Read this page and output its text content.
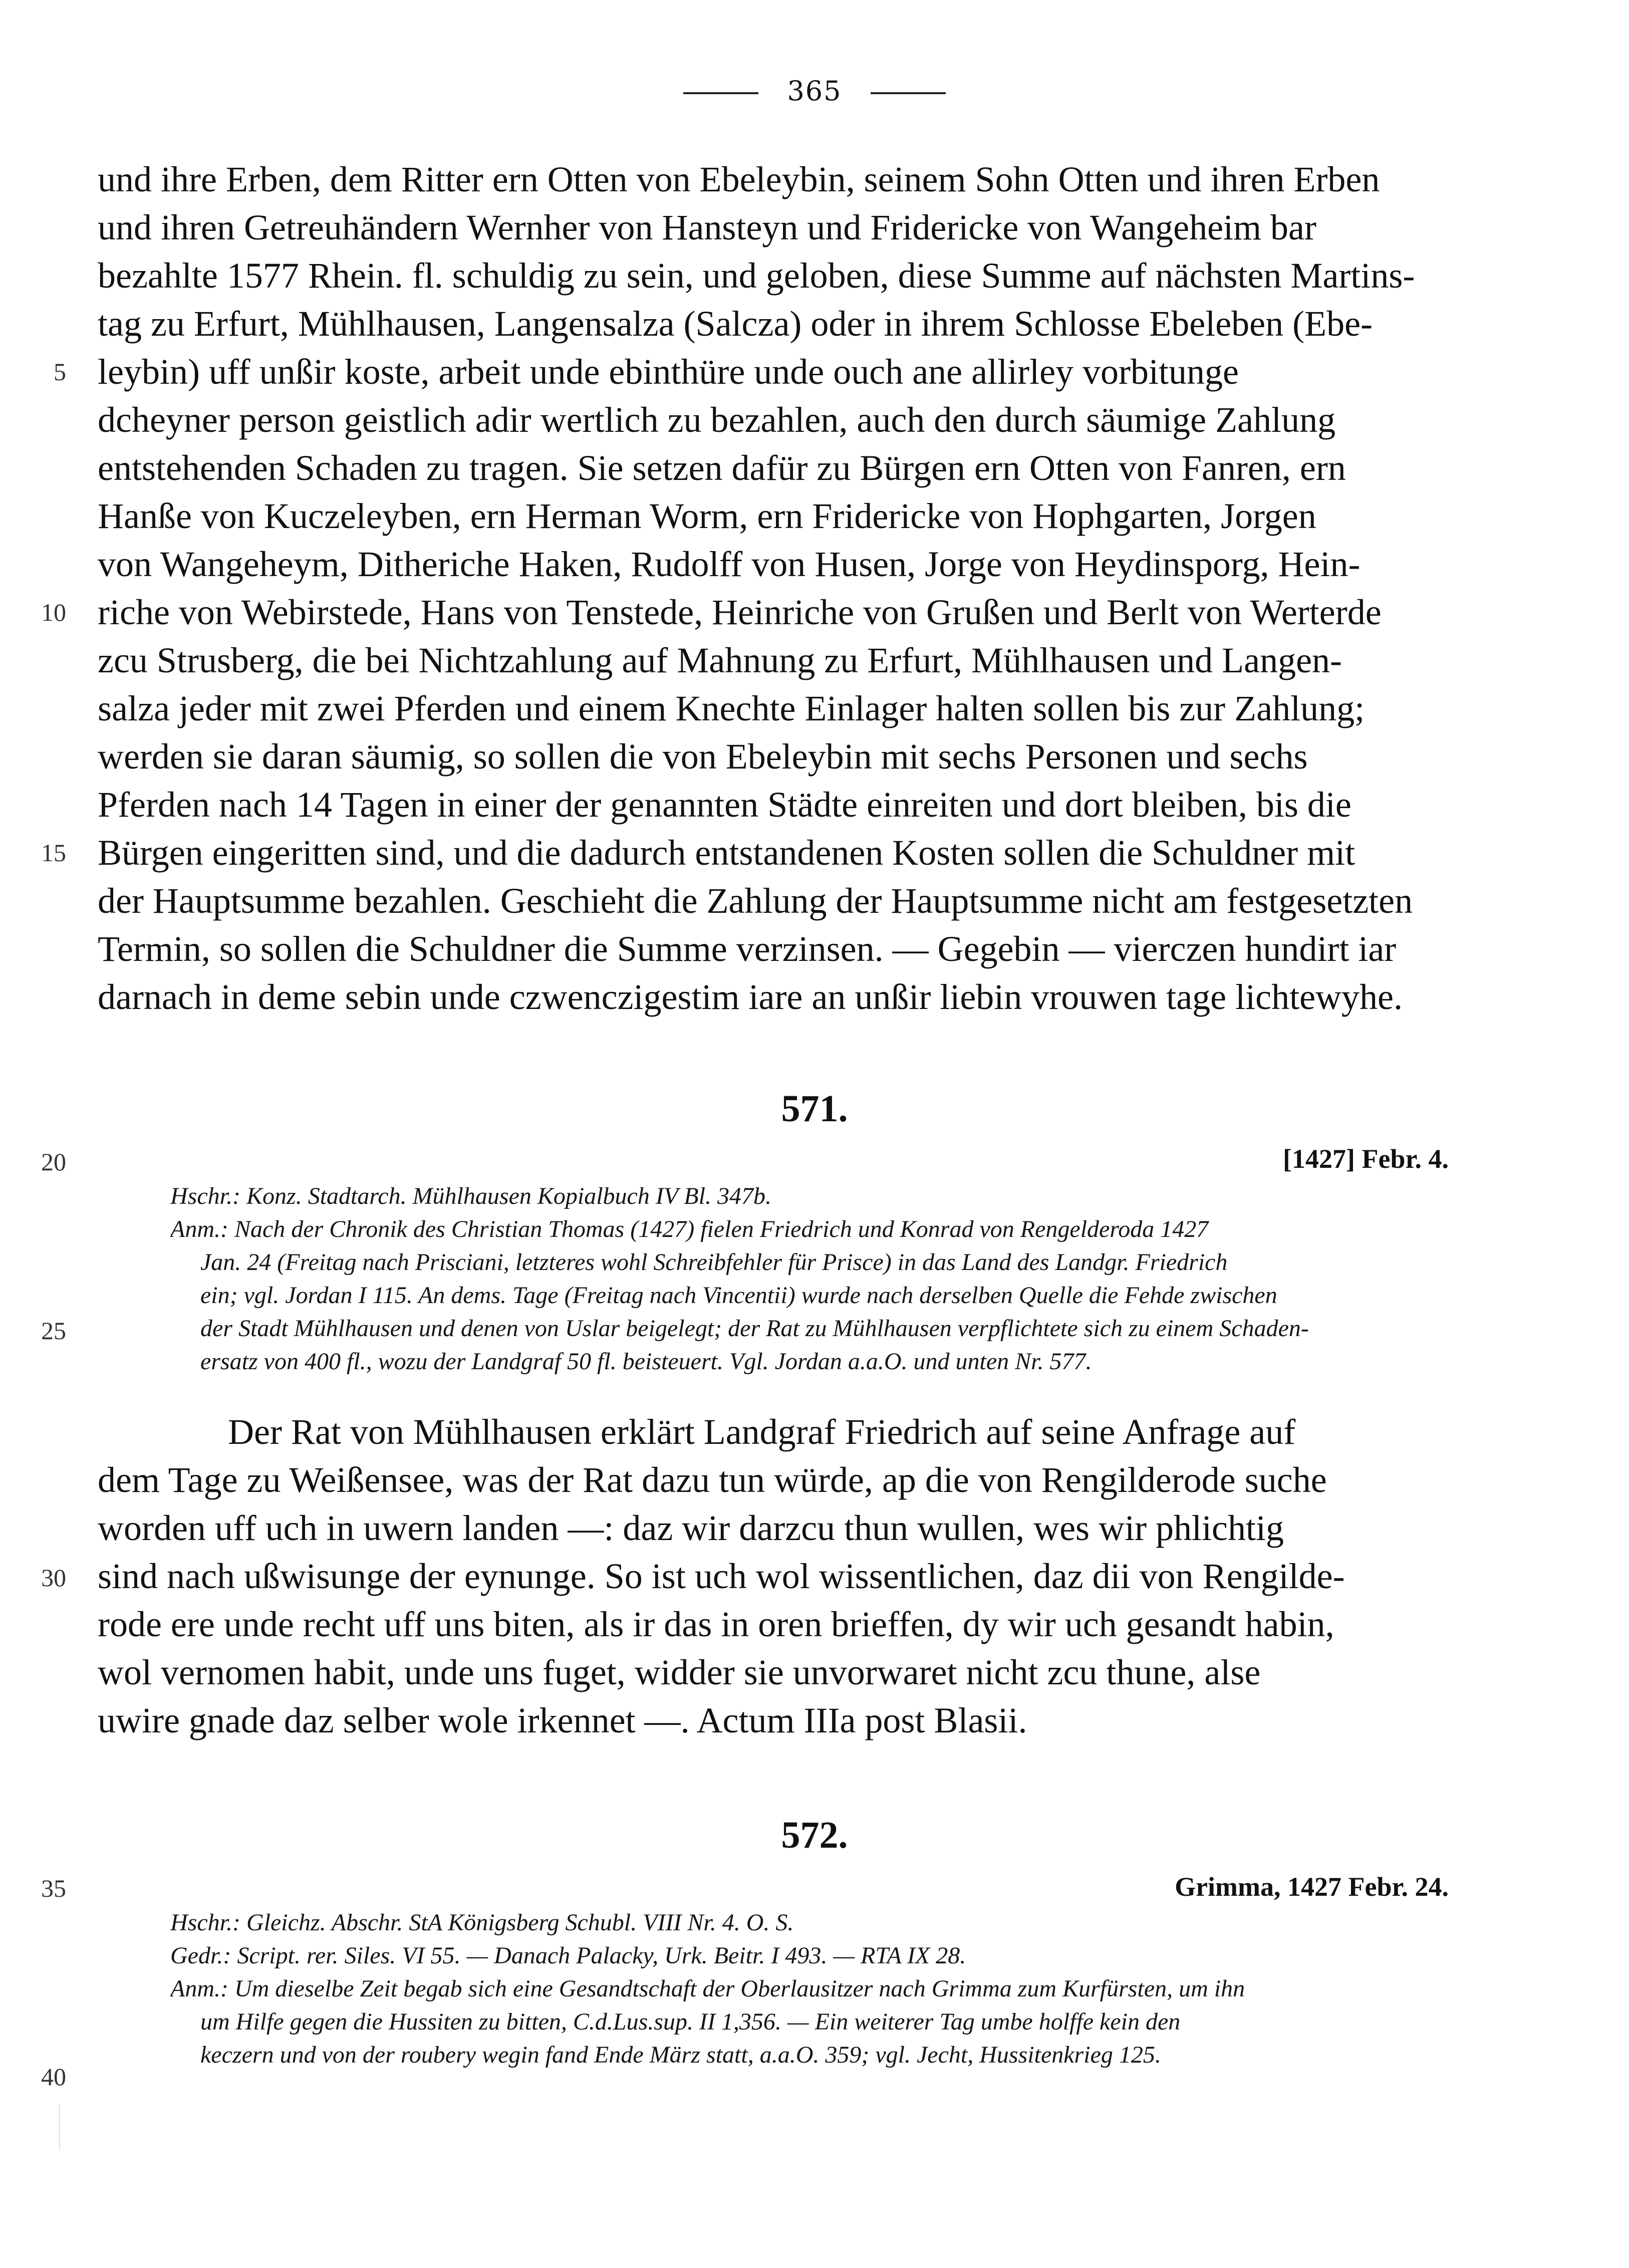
365
5
10
15
20
25
30
35
40
und ihre Erben, dem Ritter ern Otten von Ebeleybin, seinem Sohn Otten und ihren Erben
und ihren Getreuhändern Wernher von Hansteyn und Fridericke von Wangeheim bar
bezahlte 1577 Rhein. fl. schuldig zu sein, und geloben, diese Summe auf nächsten Martins-
tag zu Erfurt, Mühlhausen, Langensalza (Salcza) oder in ihrem Schlosse Ebeleben (Ebe-
leybin) uff unßir koste, arbeit unde ebinthüre unde ouch ane allirley vorbitunge
dcheyner person geistlich adir wertlich zu bezahlen, auch den durch säumige Zahlung
entstehenden Schaden zu tragen. Sie setzen dafür zu Bürgen ern Otten von Fanren, ern
Hanße von Kuczeleyben, ern Herman Worm, ern Fridericke von Hophgarten, Jorgen
von Wangeheym, Ditheriche Haken, Rudolff von Husen, Jorge von Heydinsporg, Hein-
riche von Webirstede, Hans von Tenstede, Heinriche von Grußen und Berlt von Werterde
zcu Strusberg, die bei Nichtzahlung auf Mahnung zu Erfurt, Mühlhausen und Langen-
salza jeder mit zwei Pferden und einem Knechte Einlager halten sollen bis zur Zahlung;
werden sie daran säumig, so sollen die von Ebeleybin mit sechs Personen und sechs
Pferden nach 14 Tagen in einer der genannten Städte einreiten und dort bleiben, bis die
Bürgen eingeritten sind, und die dadurch entstandenen Kosten sollen die Schuldner mit
der Hauptsumme bezahlen. Geschieht die Zahlung der Hauptsumme nicht am festgesetzten
Termin, so sollen die Schuldner die Summe verzinsen. — Gegebin — vierczen hundirt iar
darnach in deme sebin unde czwenczigestim iare an unßir liebin vrouwen tage lichtewyhe.
571.
[1427] Febr. 4.
Hschr.: Konz. Stadtarch. Mühlhausen Kopialbuch IV Bl. 347b.
Anm.: Nach der Chronik des Christian Thomas (1427) fielen Friedrich und Konrad von Rengelderoda 1427
Jan. 24 (Freitag nach Prisciani, letzteres wohl Schreibfehler für Prisce) in das Land des Landgr. Friedrich
ein; vgl. Jordan I 115. An dems. Tage (Freitag nach Vincentii) wurde nach derselben Quelle die Fehde zwischen
der Stadt Mühlhausen und denen von Uslar beigelegt; der Rat zu Mühlhausen verpflichtete sich zu einem Schaden-
ersatz von 400 fl., wozu der Landgraf 50 fl. beisteuert. Vgl. Jordan a.a.O. und unten Nr. 577.
Der Rat von Mühlhausen erklärt Landgraf Friedrich auf seine Anfrage auf
dem Tage zu Weißensee, was der Rat dazu tun würde, ap die von Rengilderode suche
worden uff uch in uwern landen —: daz wir darzcu thun wullen, wes wir phlichtig
sind nach ußwisunge der eynunge. So ist uch wol wissentlichen, daz dii von Rengilde-
rode ere unde recht uff uns biten, als ir das in oren brieffen, dy wir uch gesandt habin,
wol vernomen habit, unde uns fuget, widder sie unvorwaret nicht zcu thune, alse
uwire gnade daz selber wole irkennet —. Actum IIIa post Blasii.
572.
Grimma, 1427 Febr. 24.
Hschr.: Gleichz. Abschr. StA Königsberg Schubl. VIII Nr. 4. O. S.
Gedr.: Script. rer. Siles. VI 55. — Danach Palacky, Urk. Beitr. I 493. — RTA IX 28.
Anm.: Um dieselbe Zeit begab sich eine Gesandtschaft der Oberlausitzer nach Grimma zum Kurfürsten, um ihn
um Hilfe gegen die Hussiten zu bitten, C.d.Lus.sup. II 1,356. — Ein weiterer Tag umbe holffe kein den
keczern und von der roubery wegin fand Ende März statt, a.a.O. 359; vgl. Jecht, Hussitenkrieg 125.
